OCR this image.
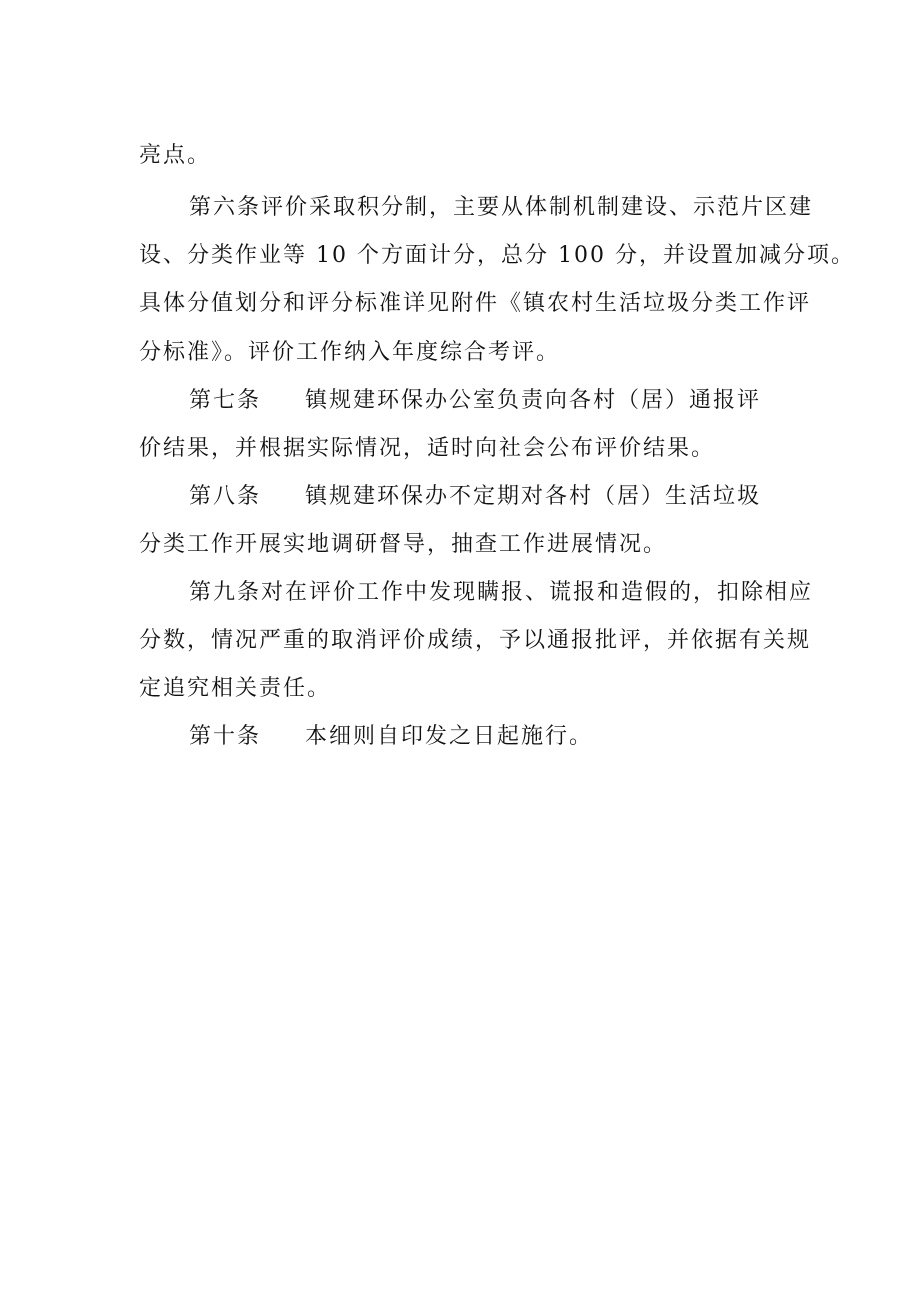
亮点。
第六条评价采取积分制，主要从体制机制建设、示范片区建
设、分类作业等 10 个方面计分，总分 100 分，并设置加减分项。
具体分值划分和评分标准详见附件《镇农村生活垃圾分类工作评
分标准》。评价工作纳入年度综合考评。
第七条 镇规建环保办公室负责向各村（居）通报评
价结果，并根据实际情况，适时向社会公布评价结果。
第八条 镇规建环保办不定期对各村（居）生活垃圾
分类工作开展实地调研督导，抽查工作进展情况。
第九条对在评价工作中发现瞒报、谎报和造假的，扣除相应
分数，情况严重的取消评价成绩，予以通报批评，并依据有关规
定追究相关责任。
第十条 本细则自印发之日起施行。
